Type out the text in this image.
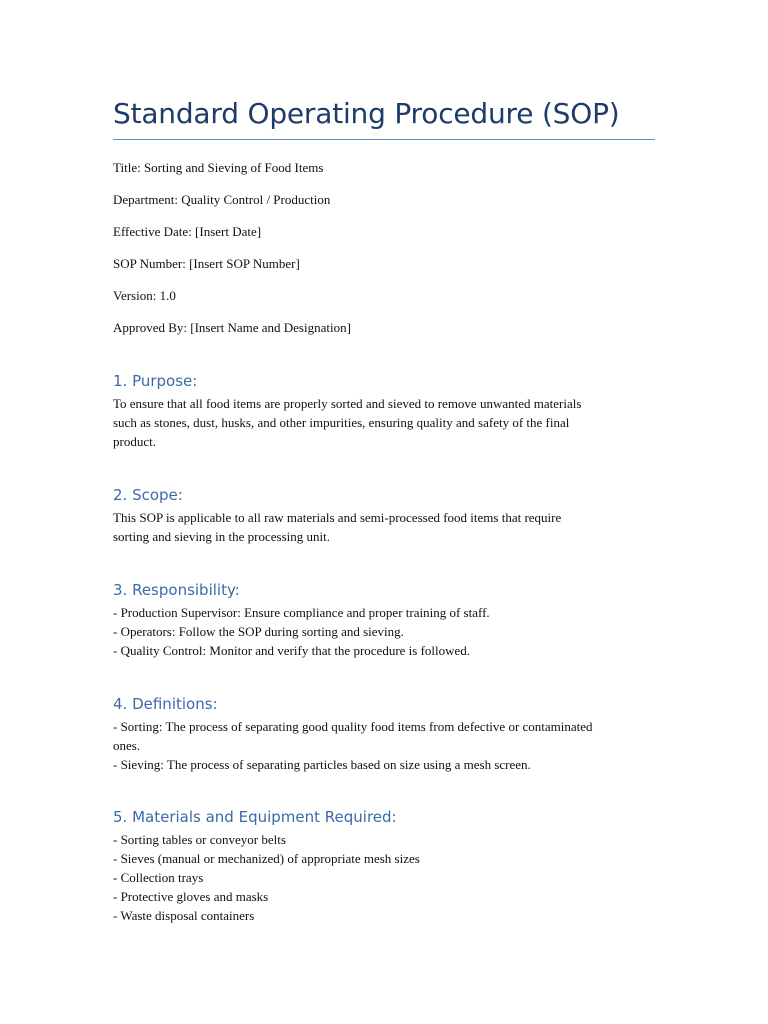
Standard Operating Procedure (SOP)
Title: Sorting and Sieving of Food Items
Department: Quality Control / Production
Effective Date: [Insert Date]
SOP Number: [Insert SOP Number]
Version: 1.0
Approved By: [Insert Name and Designation]
1. Purpose:
To ensure that all food items are properly sorted and sieved to remove unwanted materials
such as stones, dust, husks, and other impurities, ensuring quality and safety of the final
product.
2. Scope:
This SOP is applicable to all raw materials and semi-processed food items that require
sorting and sieving in the processing unit.
3. Responsibility:
- Production Supervisor: Ensure compliance and proper training of staff.
- Operators: Follow the SOP during sorting and sieving.
- Quality Control: Monitor and verify that the procedure is followed.
4. Definitions:
- Sorting: The process of separating good quality food items from defective or contaminated
ones.
- Sieving: The process of separating particles based on size using a mesh screen.
5. Materials and Equipment Required:
- Sorting tables or conveyor belts
- Sieves (manual or mechanized) of appropriate mesh sizes
- Collection trays
- Protective gloves and masks
- Waste disposal containers
